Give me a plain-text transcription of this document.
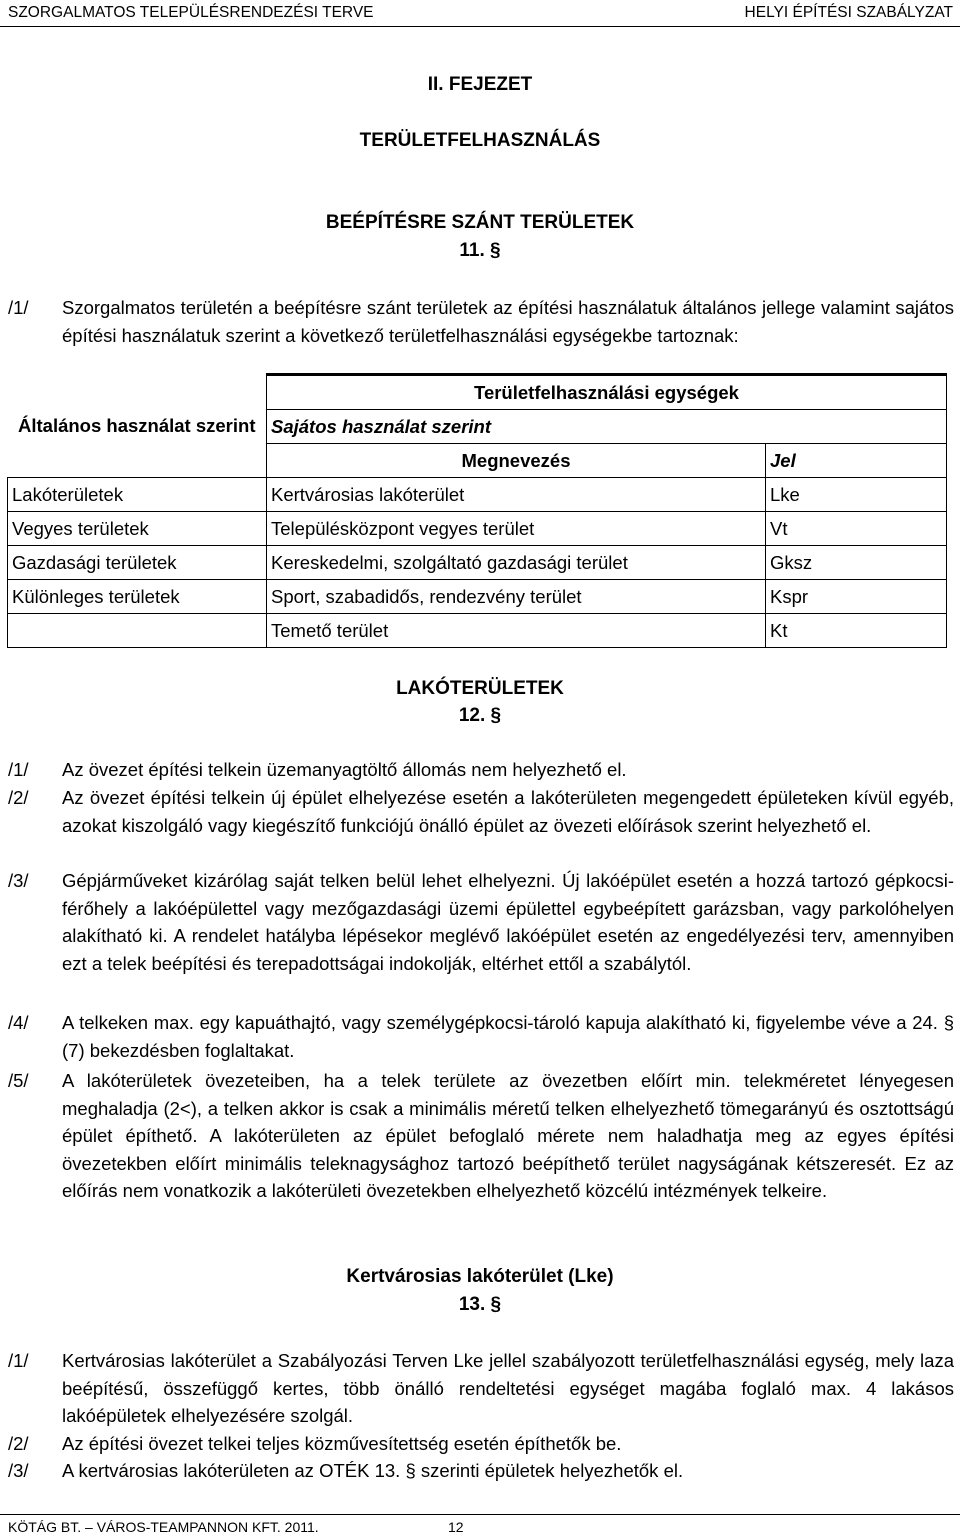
SZORGALMATOS TELEPÜLÉSRENDEZÉSI TERVE	HELYI ÉPÍTÉSI SZABÁLYZAT
II. FEJEZET
TERÜLETFELHASZNÁLÁS
BEÉPÍTÉSRE SZÁNT TERÜLETEK
11. §
/1/ Szorgalmatos területén a beépítésre szánt területek az építési használatuk általános jellege valamint sajátos építési használatuk szerint a következő területfelhasználási egységekbe tartoznak:
Általános használat szerint	Területfelhasználási egységek	
	Sajátos használat szerint	
	Megnevezés	Jel
Lakóterületek	Kertvárosias lakóterület	Lke
Vegyes területek	Településközpont vegyes terület	Vt
Gazdasági területek	Kereskedelmi, szolgáltató gazdasági terület	Gksz
Különleges területek	Sport, szabadidős, rendezvény terület	Kspr
	Temető terület	Kt
LAKÓTERÜLETEK
12. §
/1/ Az övezet építési telkein üzemanyagtöltő állomás nem helyezhető el.
/2/ Az övezet építési telkein új épület elhelyezése esetén a lakóterületen megengedett épületeken kívül egyéb, azokat kiszolgáló vagy kiegészítő funkciójú önálló épület az övezeti előírások szerint helyezhető el.
/3/ Gépjárműveket kizárólag saját telken belül lehet elhelyezni. Új lakóépület esetén a hozzá tartozó gépkocsi-férőhely a lakóépülettel vagy mezőgazdasági üzemi épülettel egybeépített garázsban, vagy parkolóhelyen alakítható ki. A rendelet hatályba lépésekor meglévő lakóépület esetén az engedélyezési terv, amennyiben ezt a telek beépítési és terepadottságai indokolják, eltérhet ettől a szabálytól.
/4/ A telkeken max. egy kapuáthajtó, vagy személygépkocsi-tároló kapuja alakítható ki, figyelembe véve a 24. § (7) bekezdésben foglaltakat.
/5/ A lakóterületek övezeteiben, ha a telek területe az övezetben előírt min. telekméretet lényegesen meghaladja (2<), a telken akkor is csak a minimális méretű telken elhelyezhető tömegarányú és osztottságú épület építhető. A lakóterületen az épület befoglaló mérete nem haladhatja meg az egyes építési övezetekben előírt minimális teleknagysághoz tartozó beépíthető terület nagyságának kétszeresét. Ez az előírás nem vonatkozik a lakóterületi övezetekben elhelyezhető közcélú intézmények telkeire.
Kertvárosias lakóterület (Lke)
13. §
/1/ Kertvárosias lakóterület a Szabályozási Terven Lke jellel szabályozott területfelhasználási egység, mely laza beépítésű, összefüggő kertes, több önálló rendeltetési egységet magába foglaló max. 4 lakásos lakóépületek elhelyezésére szolgál.
/2/ Az építési övezet telkei teljes közművesítettség esetén építhetők be.
/3/ A kertvárosias lakóterületen az OTÉK 13. § szerinti épületek helyezhetők el.
KÖTÁG BT. – VÁROS-TEAMPANNON KFT. 2011.	12
